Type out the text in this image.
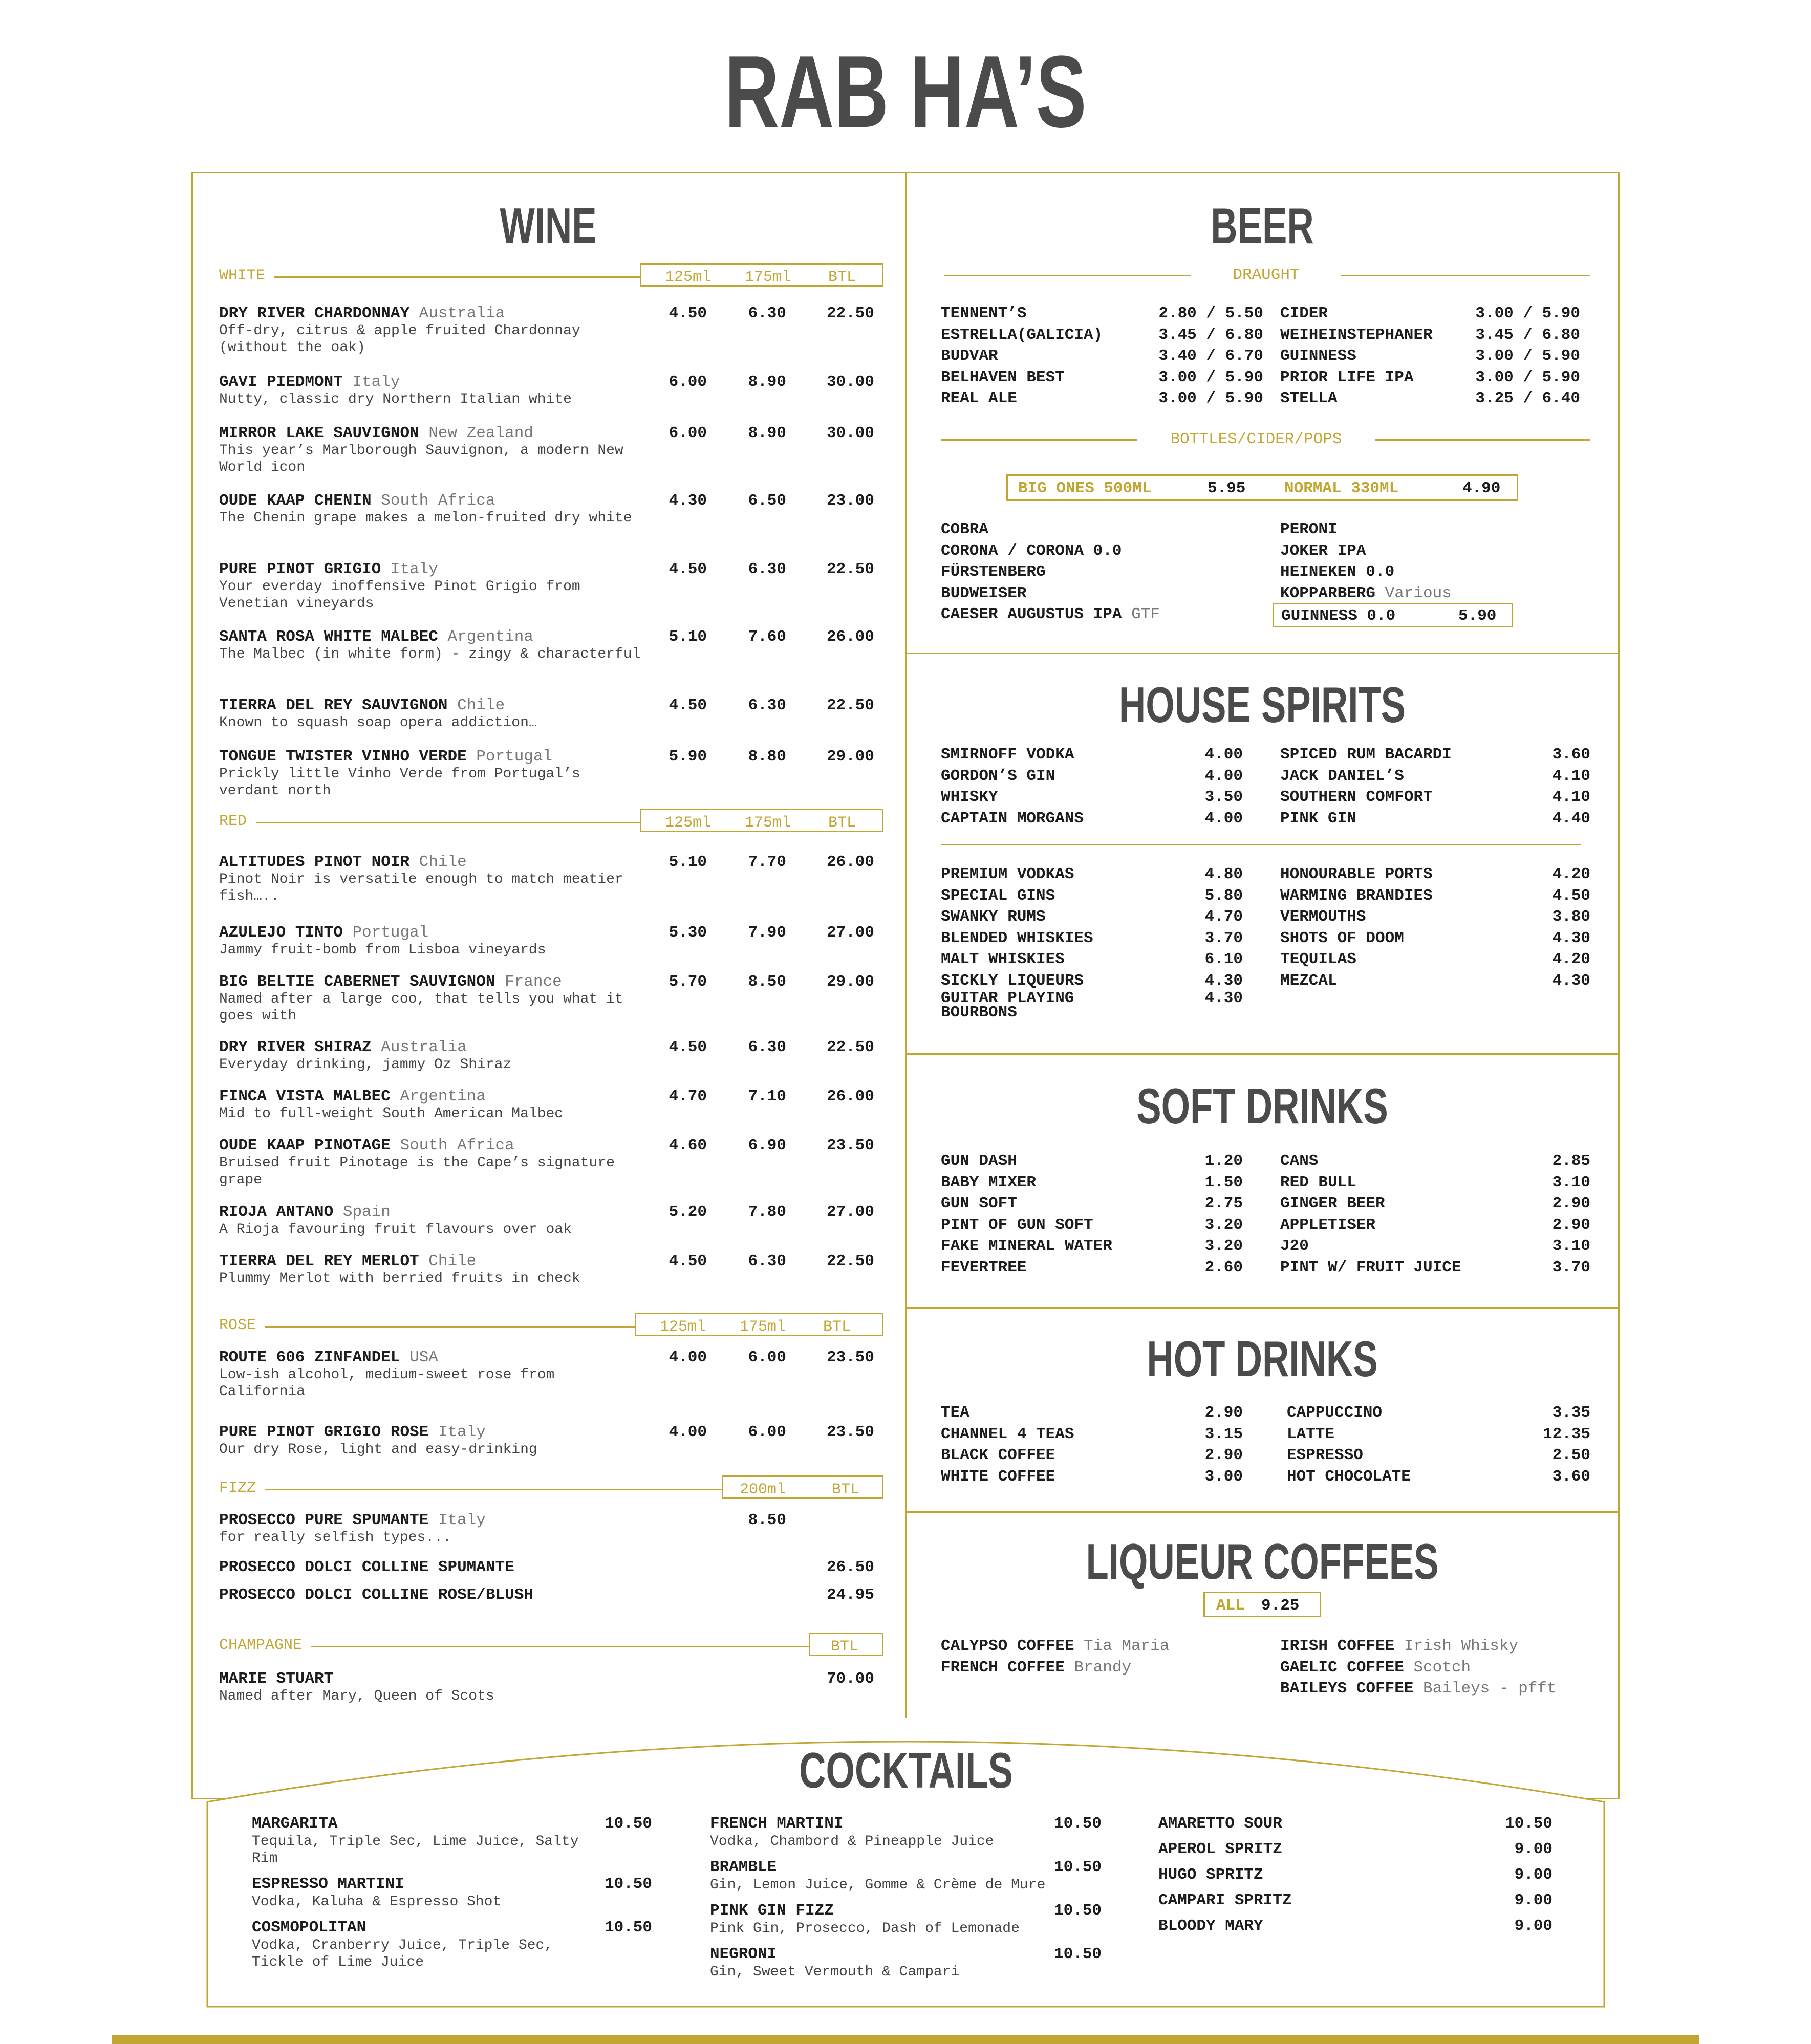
RAB HA’S
WINE
WHITE	125ml 175ml BTL
DRY RIVER CHARDONNAY Australia
Off-dry, citrus & apple fruited Chardonnay (without the oak)
4.50	6.30	22.50
GAVI PIEDMONT Italy
Nutty, classic dry Northern Italian white
6.00	8.90	30.00
MIRROR LAKE SAUVIGNON New Zealand
This year’s Marlborough Sauvignon, a modern New World icon
6.00	8.90	30.00
OUDE KAAP CHENIN South Africa
The Chenin grape makes a melon-fruited dry white
4.30	6.50	23.00
PURE PINOT GRIGIO Italy
Your everday inoffensive Pinot Grigio from Venetian vineyards
4.50	6.30	22.50
SANTA ROSA WHITE MALBEC Argentina
The Malbec (in white form) - zingy & characterful
5.10	7.60	26.00
TIERRA DEL REY SAUVIGNON Chile
Known to squash soap opera addiction…
4.50	6.30	22.50
TONGUE TWISTER VINHO VERDE Portugal
Prickly little Vinho Verde from Portugal’s verdant north
5.90	8.80	29.00
RED	125ml 175ml BTL
ALTITUDES PINOT NOIR Chile
Pinot Noir is versatile enough to match meatier fish…..
5.10	7.70	26.00
AZULEJO TINTO Portugal
Jammy fruit-bomb from Lisboa vineyards
5.30	7.90	27.00
BIG BELTIE CABERNET SAUVIGNON France
Named after a large coo, that tells you what it goes with
5.70	8.50	29.00
DRY RIVER SHIRAZ Australia
Everyday drinking, jammy Oz Shiraz
4.50	6.30	22.50
FINCA VISTA MALBEC Argentina
Mid to full-weight South American Malbec
4.70	7.10	26.00
OUDE KAAP PINOTAGE South Africa
Bruised fruit Pinotage is the Cape’s signature grape
4.60	6.90	23.50
RIOJA ANTANO Spain
A Rioja favouring fruit flavours over oak
5.20	7.80	27.00
TIERRA DEL REY MERLOT Chile
Plummy Merlot with berried fruits in check
4.50	6.30	22.50
ROSE	125ml 175ml BTL
ROUTE 606 ZINFANDEL USA
Low-ish alcohol, medium-sweet rose from California
4.00	6.00	23.50
PURE PINOT GRIGIO ROSE Italy
Our dry Rose, light and easy-drinking
4.00	6.00	23.50
FIZZ	200ml	BTL
PROSECCO PURE SPUMANTE Italy
for really selfish types...
8.50
PROSECCO DOLCI COLLINE SPUMANTE	26.50
PROSECCO DOLCI COLLINE ROSE/BLUSH	24.95
CHAMPAGNE	BTL
MARIE STUART
Named after Mary, Queen of Scots
70.00
BEER
DRAUGHT
TENNENT’S	2.80 / 5.50
ESTRELLA(GALICIA)	3.45 / 6.80
BUDVAR	3.40 / 6.70
BELHAVEN BEST	3.00 / 5.90
REAL ALE	3.00 / 5.90
CIDER	3.00 / 5.90
WEIHEINSTEPHANER	3.45 / 6.80
GUINNESS	3.00 / 5.90
PRIOR LIFE IPA	3.00 / 5.90
STELLA	3.25 / 6.40
BOTTLES/CIDER/POPS
BIG ONES 500ML	5.95 NORMAL 330ML	4.90
COBRA
CORONA / CORONA 0.0
FÜRSTENBERG
BUDWEISER
CAESER AUGUSTUS IPA GTF
PERONI
JOKER IPA
HEINEKEN 0.0
KOPPARBERG Various
GUINNESS 0.0	5.90
HOUSE SPIRITS
SMIRNOFF VODKA	4.00
GORDON’S GIN	4.00
WHISKY	3.50
CAPTAIN MORGANS	4.00
SPICED RUM BACARDI	3.60
JACK DANIEL’S	4.10
SOUTHERN COMFORT	4.10
PINK GIN	4.40
PREMIUM VODKAS	4.80
SPECIAL GINS	5.80
SWANKY RUMS	4.70
BLENDED WHISKIES	3.70
MALT WHISKIES	6.10
SICKLY LIQUEURS	4.30
GUITAR PLAYING
BOURBONS
4.30
HONOURABLE PORTS	4.20
WARMING BRANDIES	4.50
VERMOUTHS	3.80
SHOTS OF DOOM	4.30
TEQUILAS	4.20
MEZCAL	4.30
SOFT DRINKS
GUN DASH	1.20
BABY MIXER	1.50
GUN SOFT	2.75
PINT OF GUN SOFT	3.20
FAKE MINERAL WATER	3.20
FEVERTREE	2.60
CANS	2.85
RED BULL	3.10
GINGER BEER	2.90
APPLETISER	2.90
J20	3.10
PINT W/ FRUIT JUICE	3.70
HOT DRINKS
TEA	2.90
CHANNEL 4 TEAS	3.15
BLACK COFFEE	2.90
WHITE COFFEE	3.00
CAPPUCCINO	3.35
LATTE	12.35
ESPRESSO	2.50
HOT CHOCOLATE	3.60
LIQUEUR COFFEES
ALL 9.25
CALYPSO COFFEE Tia Maria
FRENCH COFFEE Brandy
IRISH COFFEE Irish Whisky
GAELIC COFFEE Scotch
BAILEYS COFFEE Baileys - pfft
COCKTAILS
MARGARITA	10.50
Tequila, Triple Sec, Lime Juice, Salty Rim
ESPRESSO MARTINI	10.50
Vodka, Kaluha & Espresso Shot
COSMOPOLITAN	10.50
Vodka, Cranberry Juice, Triple Sec, Tickle of Lime Juice
FRENCH MARTINI	10.50
Vodka, Chambord & Pineapple Juice
BRAMBLE	10.50
Gin, Lemon Juice, Gomme & Crème de Mure
PINK GIN FIZZ	10.50
Pink Gin, Prosecco, Dash of Lemonade
NEGRONI	10.50
Gin, Sweet Vermouth & Campari
AMARETTO SOUR	10.50
APEROL SPRITZ	9.00
HUGO SPRITZ	9.00
CAMPARI SPRITZ	9.00
BLOODY MARY	9.00
